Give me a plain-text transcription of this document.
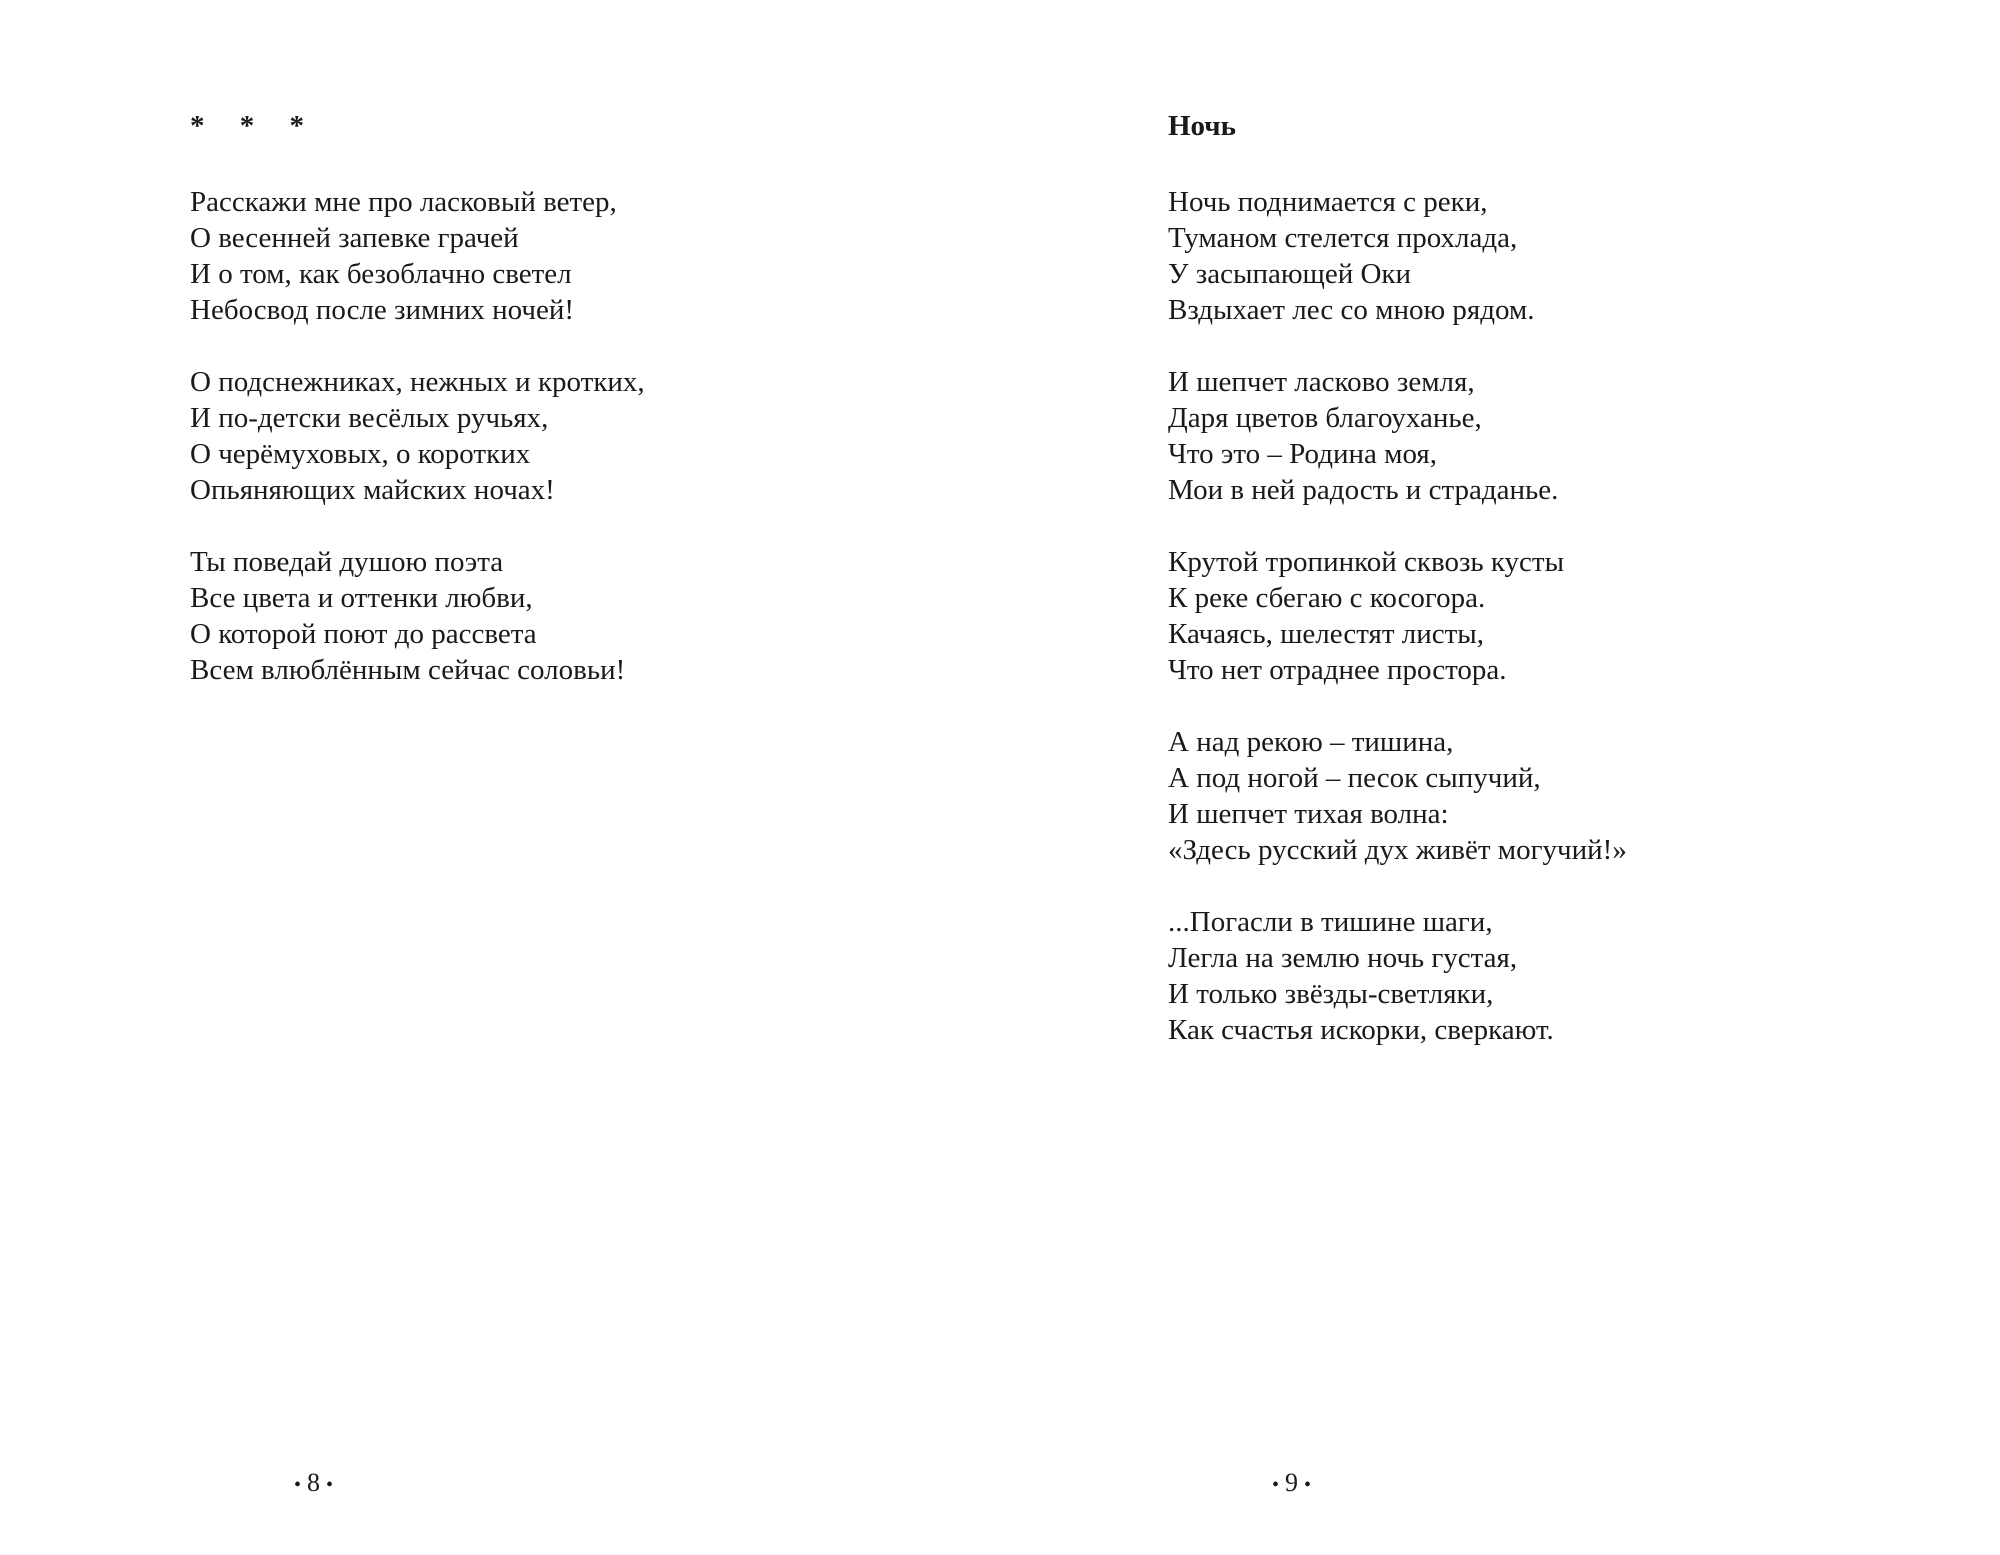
* * *
Расскажи мне про ласковый ветер,
О весенней запевке грачей
И о том, как безоблачно светел
Небосвод после зимних ночей!
О подснежниках, нежных и кротких,
И по-детски весёлых ручьях,
О черёмуховых, о коротких
Опьяняющих майских ночах!
Ты поведай душою поэта
Все цвета и оттенки любви,
О которой поют до рассвета
Всем влюблённым сейчас соловьи!
• 8 •
Ночь
Ночь поднимается с реки,
Туманом стелется прохлада,
У засыпающей Оки
Вздыхает лес со мною рядом.
И шепчет ласково земля,
Даря цветов благоуханье,
Что это – Родина моя,
Мои в ней радость и страданье.
Крутой тропинкой сквозь кусты
К реке сбегаю с косогора.
Качаясь, шелестят листы,
Что нет отраднее простора.
А над рекою – тишина,
А под ногой – песок сыпучий,
И шепчет тихая волна:
«Здесь русский дух живёт могучий!»
...Погасли в тишине шаги,
Легла на землю ночь густая,
И только звёзды-светляки,
Как счастья искорки, сверкают.
• 9 •
